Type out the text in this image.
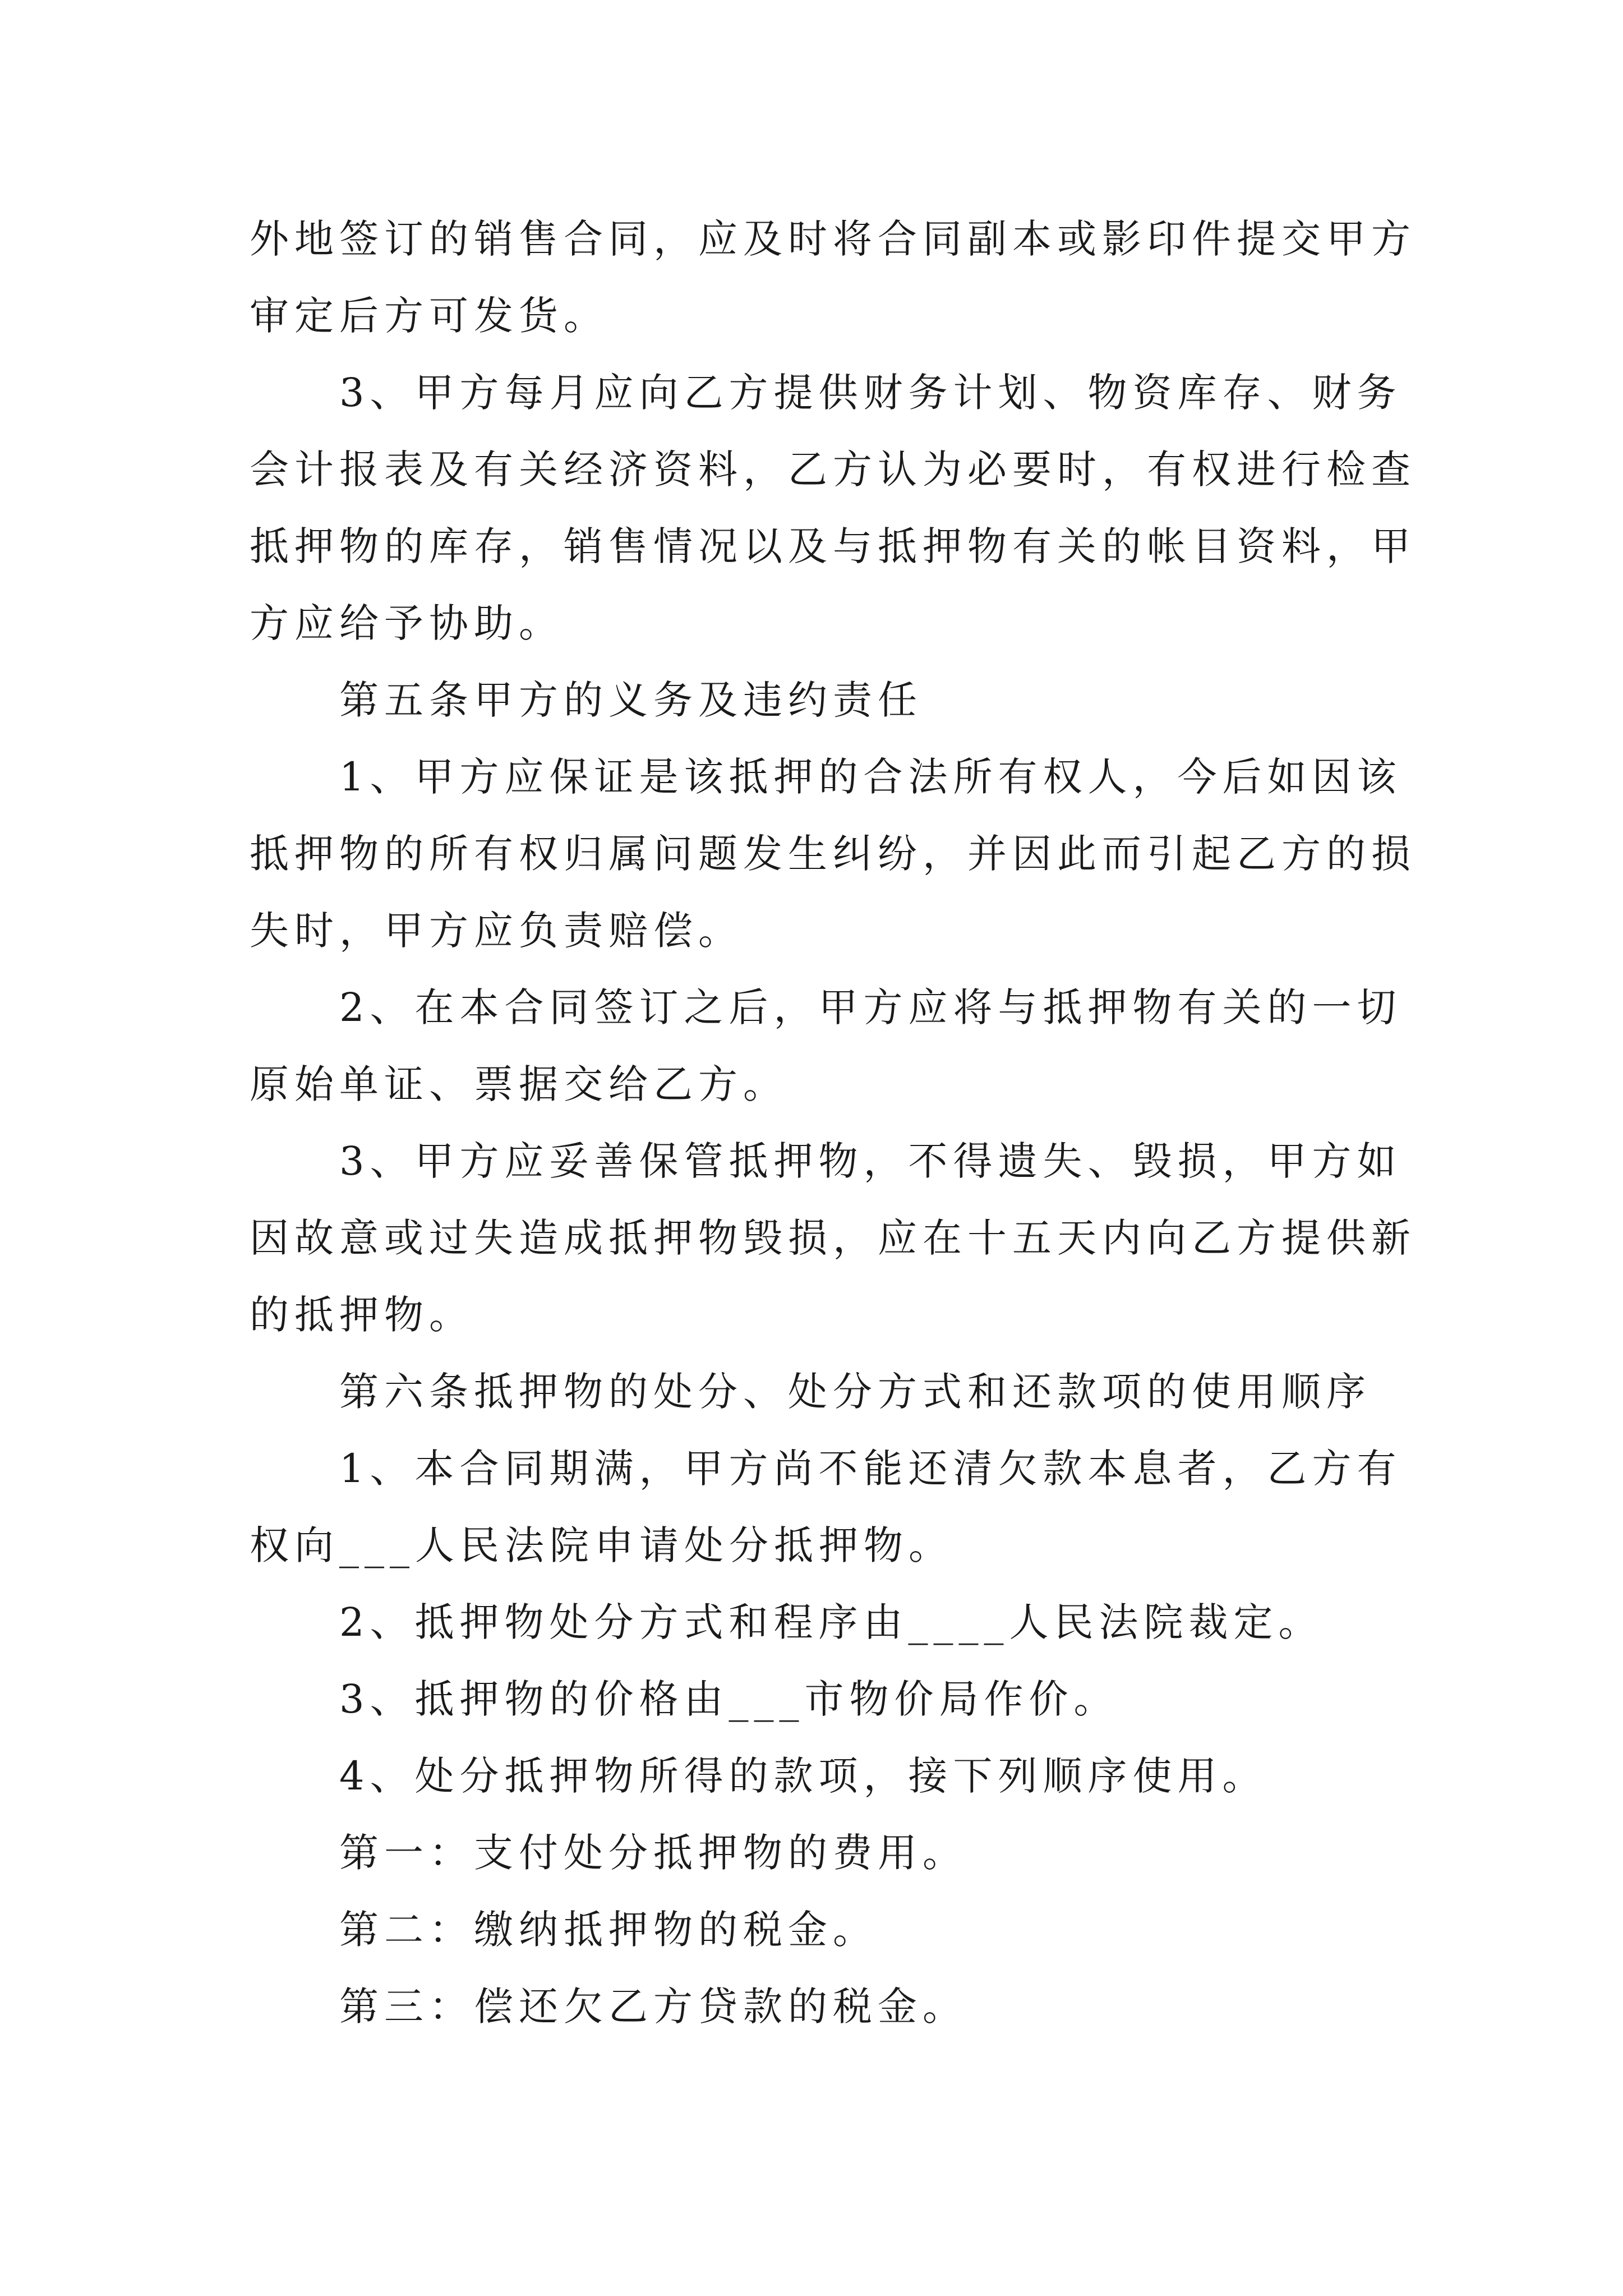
外地签订的销售合同，应及时将合同副本或影印件提交甲方
审定后方可发货。
3、甲方每月应向乙方提供财务计划、物资库存、财务
会计报表及有关经济资料，乙方认为必要时，有权进行检查
抵押物的库存，销售情况以及与抵押物有关的帐目资料，甲
方应给予协助。
第五条甲方的义务及违约责任
1、甲方应保证是该抵押的合法所有权人，今后如因该
抵押物的所有权归属问题发生纠纷，并因此而引起乙方的损
失时，甲方应负责赔偿。
2、在本合同签订之后，甲方应将与抵押物有关的一切
原始单证、票据交给乙方。
3、甲方应妥善保管抵押物，不得遗失、毁损，甲方如
因故意或过失造成抵押物毁损，应在十五天内向乙方提供新
的抵押物。
第六条抵押物的处分、处分方式和还款项的使用顺序
1、本合同期满，甲方尚不能还清欠款本息者，乙方有
权向___人民法院申请处分抵押物。
2、抵押物处分方式和程序由____人民法院裁定。
3、抵押物的价格由___市物价局作价。
4、处分抵押物所得的款项，接下列顺序使用。
第一：支付处分抵押物的费用。
第二：缴纳抵押物的税金。
第三：偿还欠乙方贷款的税金。
